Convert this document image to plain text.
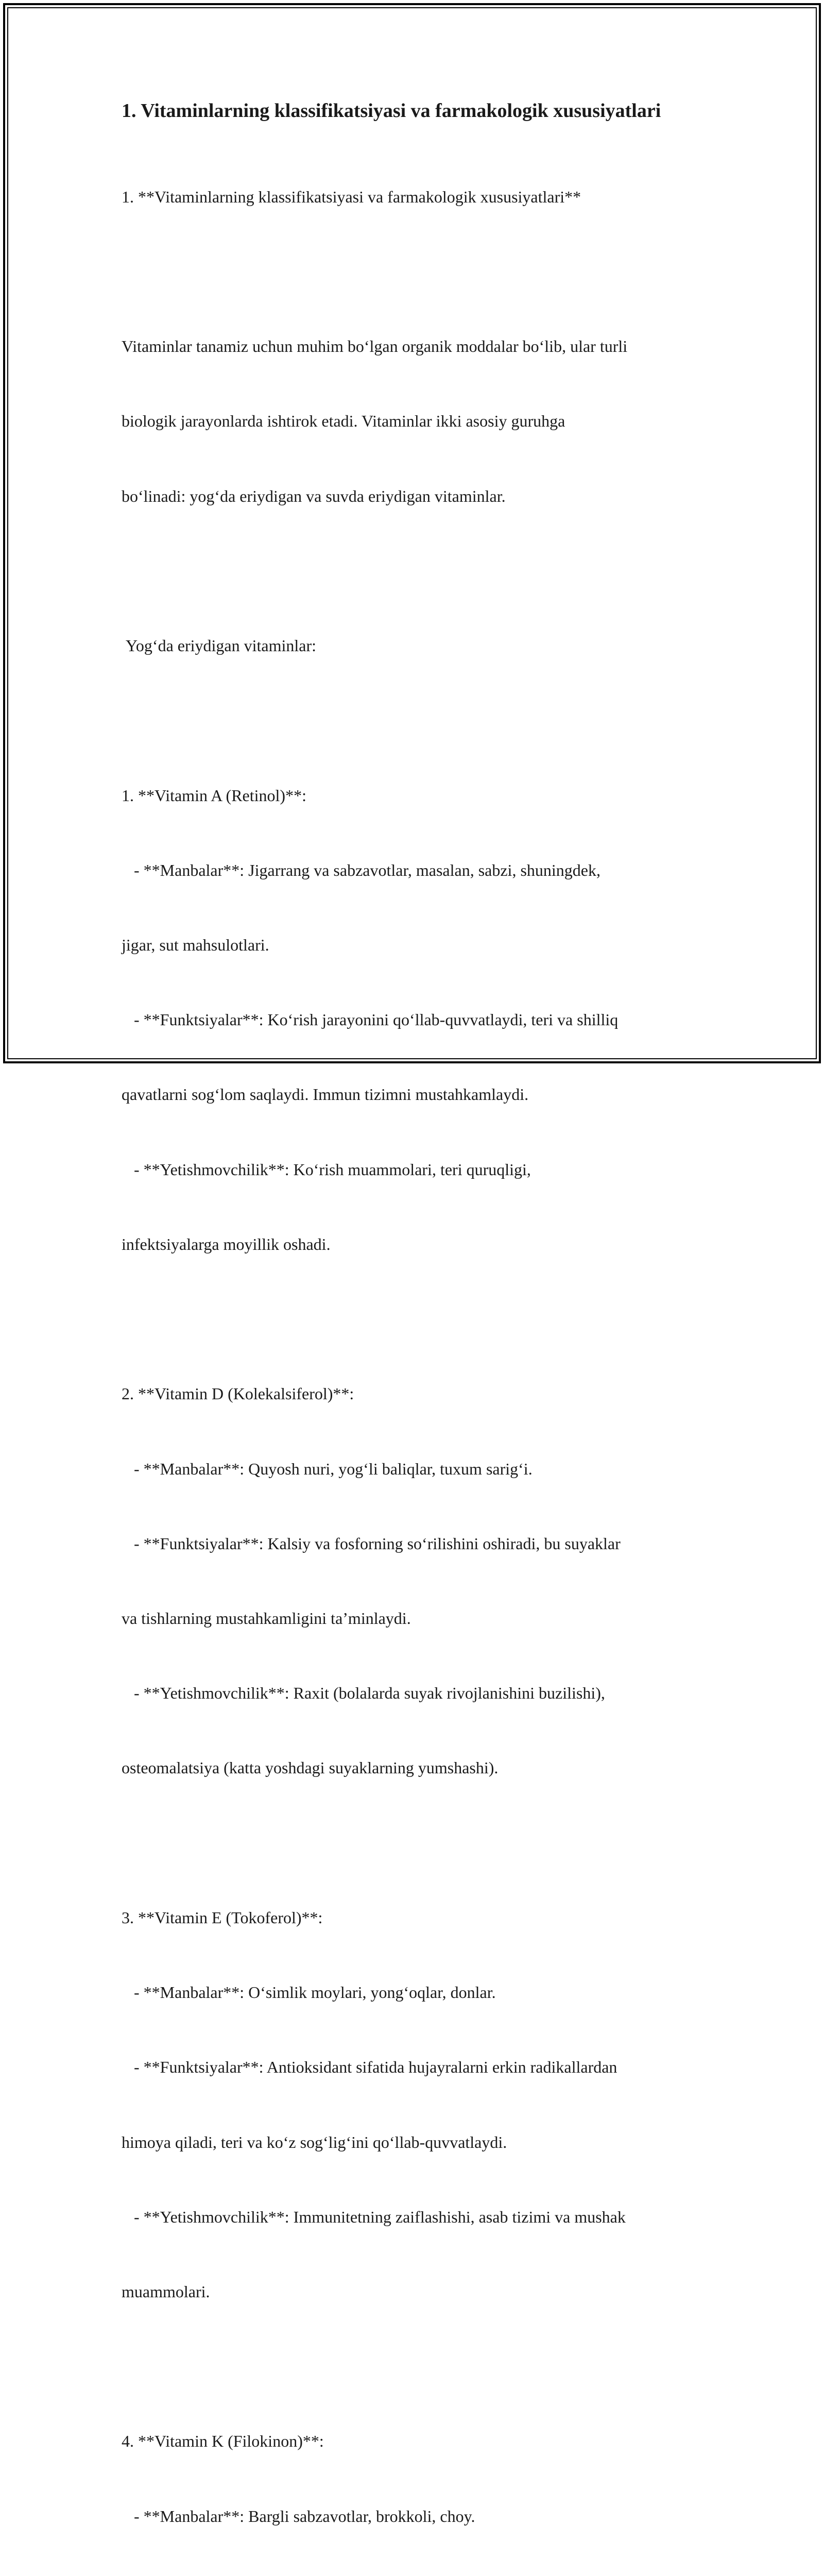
1. Vitaminlarning klassifikatsiyasi va farmakologik xususiyatlari

1. **Vitaminlarning klassifikatsiyasi va farmakologik xususiyatlari**

Vitaminlar tanamiz uchun muhim bo‘lgan organik moddalar bo‘lib, ular turli

biologik jarayonlarda ishtirok etadi. Vitaminlar ikki asosiy guruhga

bo‘linadi: yog‘da eriydigan va suvda eriydigan vitaminlar.

Yog‘da eriydigan vitaminlar:

1. **Vitamin A (Retinol)**:

- **Manbalar**: Jigarrang va sabzavotlar, masalan, sabzi, shuningdek,

jigar, sut mahsulotlari.

- **Funktsiyalar**: Ko‘rish jarayonini qo‘llab-quvvatlaydi, teri va shilliq

qavatlarni sog‘lom saqlaydi. Immun tizimni mustahkamlaydi.

- **Yetishmovchilik**: Ko‘rish muammolari, teri quruqligi,

infektsiyalarga moyillik oshadi.

2. **Vitamin D (Kolekalsiferol)**:

- **Manbalar**: Quyosh nuri, yog‘li baliqlar, tuxum sarig‘i.

- **Funktsiyalar**: Kalsiy va fosforning so‘rilishini oshiradi, bu suyaklar

va tishlarning mustahkamligini ta’minlaydi.

- **Yetishmovchilik**: Raxit (bolalarda suyak rivojlanishini buzilishi),

osteomalatsiya (katta yoshdagi suyaklarning yumshashi).

3. **Vitamin E (Tokoferol)**:

- **Manbalar**: O‘simlik moylari, yong‘oqlar, donlar.

- **Funktsiyalar**: Antioksidant sifatida hujayralarni erkin radikallardan

himoya qiladi, teri va ko‘z sog‘lig‘ini qo‘llab-quvvatlaydi.

- **Yetishmovchilik**: Immunitetning zaiflashishi, asab tizimi va mushak

muammolari.

4. **Vitamin K (Filokinon)**:

- **Manbalar**: Bargli sabzavotlar, brokkoli, choy.
